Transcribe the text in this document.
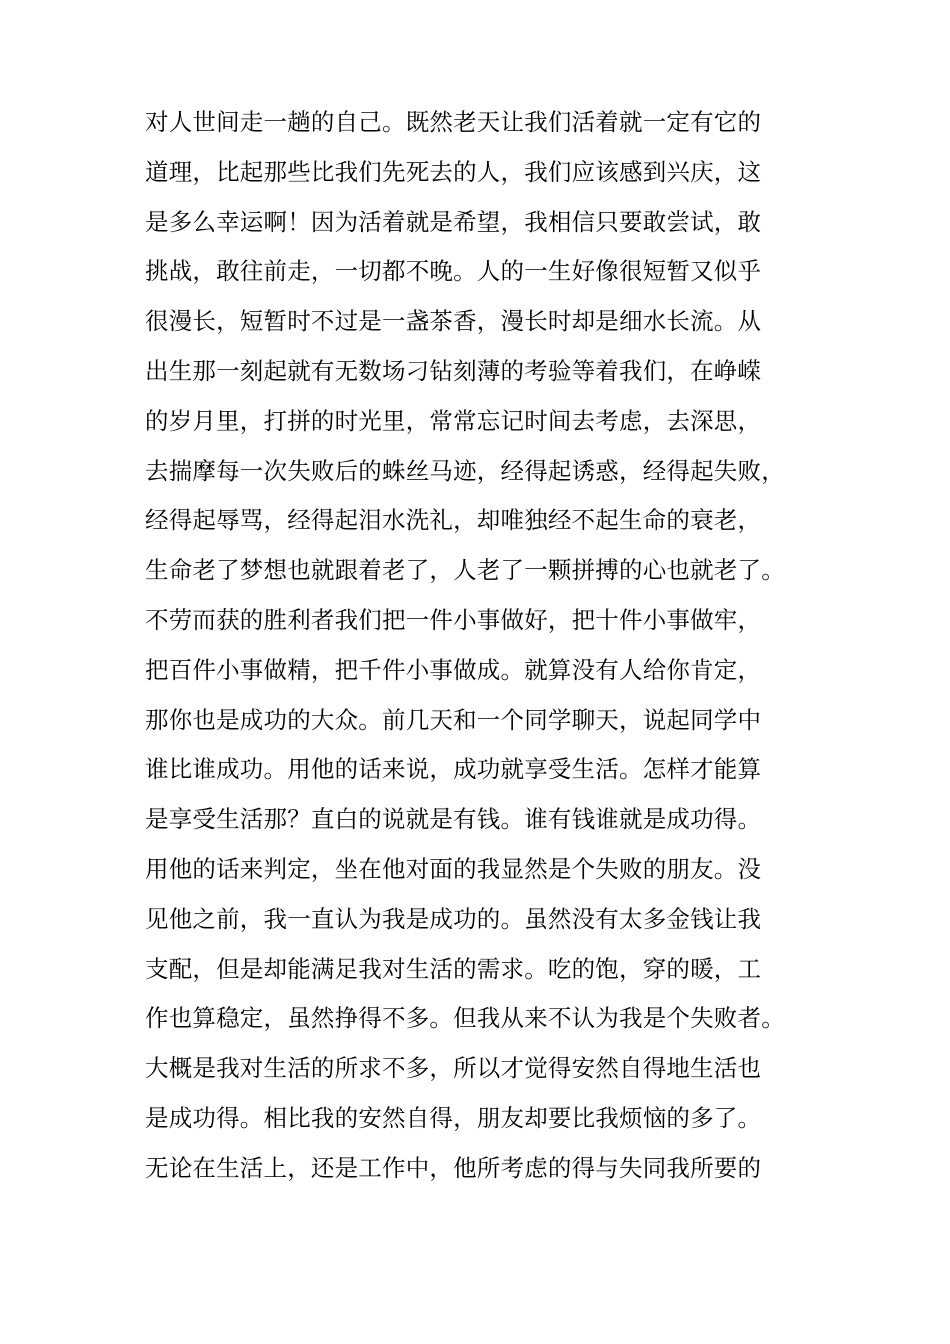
对人世间走一趟的自己。既然老天让我们活着就一定有它的
道理，比起那些比我们先死去的人，我们应该感到兴庆，这
是多么幸运啊！因为活着就是希望，我相信只要敢尝试，敢
挑战，敢往前走，一切都不晚。人的一生好像很短暂又似乎
很漫长，短暂时不过是一盏茶香，漫长时却是细水长流。从
出生那一刻起就有无数场刁钻刻薄的考验等着我们，在峥嵘
的岁月里，打拼的时光里，常常忘记时间去考虑，去深思，
去揣摩每一次失败后的蛛丝马迹，经得起诱惑，经得起失败，
经得起辱骂，经得起泪水洗礼，却唯独经不起生命的衰老，
生命老了梦想也就跟着老了，人老了一颗拼搏的心也就老了。
不劳而获的胜利者我们把一件小事做好，把十件小事做牢，
把百件小事做精，把千件小事做成。就算没有人给你肯定，
那你也是成功的大众。前几天和一个同学聊天，说起同学中
谁比谁成功。用他的话来说，成功就享受生活。怎样才能算
是享受生活那？直白的说就是有钱。谁有钱谁就是成功得。
用他的话来判定，坐在他对面的我显然是个失败的朋友。没
见他之前，我一直认为我是成功的。虽然没有太多金钱让我
支配，但是却能满足我对生活的需求。吃的饱，穿的暖，工
作也算稳定，虽然挣得不多。但我从来不认为我是个失败者。
大概是我对生活的所求不多，所以才觉得安然自得地生活也
是成功得。相比我的安然自得，朋友却要比我烦恼的多了。
无论在生活上，还是工作中，他所考虑的得与失同我所要的
